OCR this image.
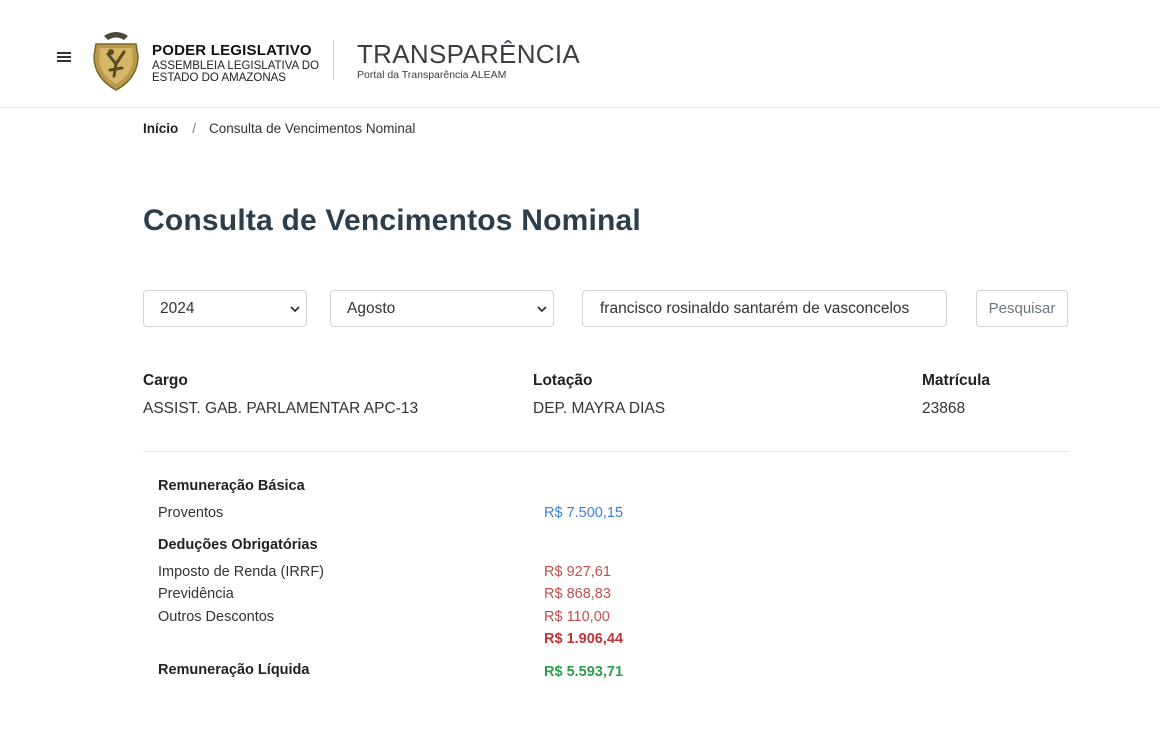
PODER LEGISLATIVO
ASSEMBLEIA LEGISLATIVA DO
ESTADO DO AMAZONAS
TRANSPARÊNCIA
Portal da Transparência ALEAM
Início / Consulta de Vencimentos Nominal
Consulta de Vencimentos Nominal
2024	Agosto	francisco rosinaldo santarém de vasconcelos	Pesquisar
Cargo
ASSIST. GAB. PARLAMENTAR APC-13
Lotação
DEP. MAYRA DIAS
Matrícula
23868
Remuneração Básica
Proventos	R$ 7.500,15
Deduções Obrigatórias
Imposto de Renda (IRRF)	R$ 927,61
Previdência	R$ 868,83
Outros Descontos	R$ 110,00
R$ 1.906,44
Remuneração Líquida	R$ 5.593,71
